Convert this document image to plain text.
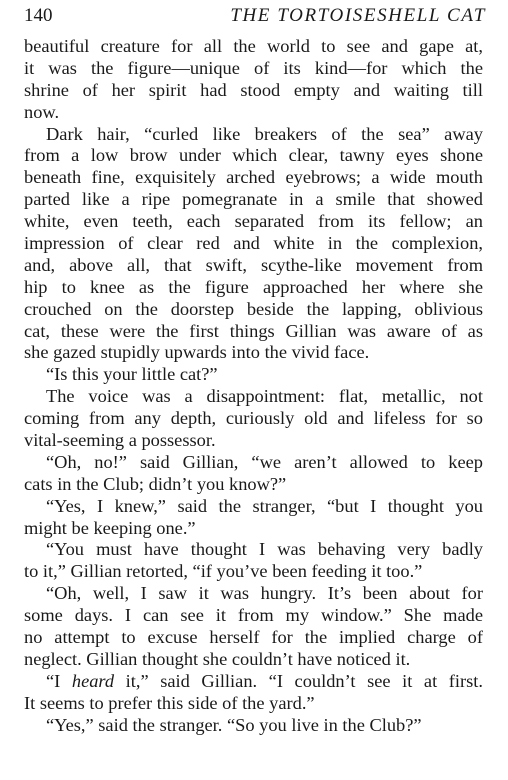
140	THE TORTOISESHELL CAT
beautiful creature for all the world to see and gape at,
it was the figure—unique of its kind—for which the
shrine of her spirit had stood empty and waiting till
now.
Dark hair, “curled like breakers of the sea” away
from a low brow under which clear, tawny eyes shone
beneath fine, exquisitely arched eyebrows; a wide mouth
parted like a ripe pomegranate in a smile that showed
white, even teeth, each separated from its fellow; an
impression of clear red and white in the complexion,
and, above all, that swift, scythe-like movement from
hip to knee as the figure approached her where she
crouched on the doorstep beside the lapping, oblivious
cat, these were the first things Gillian was aware of as
she gazed stupidly upwards into the vivid face.
“Is this your little cat?”
The voice was a disappointment: flat, metallic, not
coming from any depth, curiously old and lifeless for so
vital-seeming a possessor.
“Oh, no!” said Gillian, “we aren’t allowed to keep
cats in the Club; didn’t you know?”
“Yes, I knew,” said the stranger, “but I thought you
might be keeping one.”
“You must have thought I was behaving very badly
to it,” Gillian retorted, “if you’ve been feeding it too.”
“Oh, well, I saw it was hungry. It’s been about for
some days. I can see it from my window.” She made
no attempt to excuse herself for the implied charge of
neglect. Gillian thought she couldn’t have noticed it.
“I heard it,” said Gillian. “I couldn’t see it at first.
It seems to prefer this side of the yard.”
“Yes,” said the stranger. “So you live in the Club?”
